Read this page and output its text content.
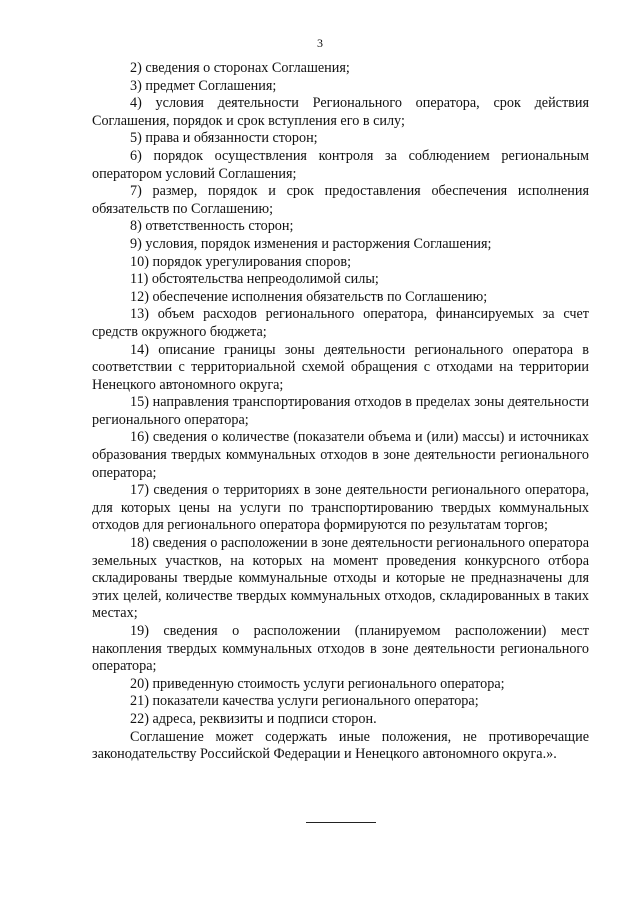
3

2) сведения о сторонах Соглашения;

3) предмет Соглашения;

4) условия деятельности Регионального оператора, срок действия Соглашения, порядок и срок вступления его в силу;

5) права и обязанности сторон;

6) порядок осуществления контроля за соблюдением региональным оператором условий Соглашения;

7) размер, порядок и срок предоставления обеспечения исполнения обязательств по Соглашению;

8) ответственность сторон;

9) условия, порядок изменения и расторжения Соглашения;

10) порядок урегулирования споров;

11) обстоятельства непреодолимой силы;

12) обеспечение исполнения обязательств по Соглашению;

13) объем расходов регионального оператора, финансируемых за счет средств окружного бюджета;

14) описание границы зоны деятельности регионального оператора в соответствии с территориальной схемой обращения с отходами на территории Ненецкого автономного округа;

15) направления транспортирования отходов в пределах зоны деятельности регионального оператора;

16) сведения о количестве (показатели объема и (или) массы) и источниках образования твердых коммунальных отходов в зоне деятельности регионального оператора;

17) сведения о территориях в зоне деятельности регионального оператора, для которых цены на услуги по транспортированию твердых коммунальных отходов для регионального оператора формируются по результатам торгов;

18) сведения о расположении в зоне деятельности регионального оператора земельных участков, на которых на момент проведения конкурсного отбора складированы твердые коммунальные отходы и которые не предназначены для этих целей, количестве твердых коммунальных отходов, складированных в таких местах;

19) сведения о расположении (планируемом расположении) мест накопления твердых коммунальных отходов в зоне деятельности регионального оператора;

20) приведенную стоимость услуги регионального оператора;

21) показатели качества услуги регионального оператора;

22) адреса, реквизиты и подписи сторон.

Соглашение может содержать иные положения, не противоречащие законодательству Российской Федерации и Ненецкого автономного округа.».
